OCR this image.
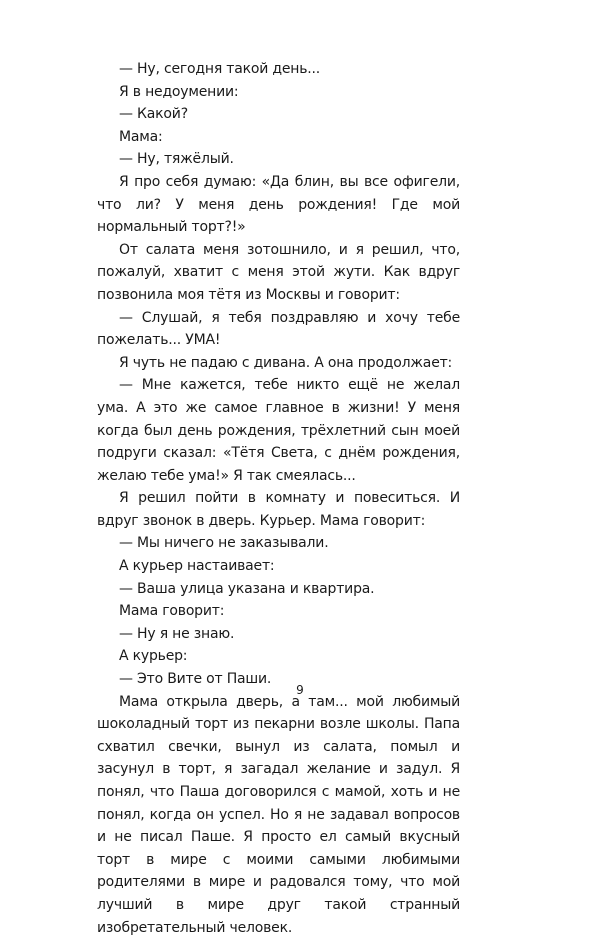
— Ну, сегодня такой день...

Я в недоумении:

— Какой?

Мама:

— Ну, тяжёлый.

Я про себя думаю: «Да блин, вы все офигели, что ли? У меня день рождения! Где мой нормальный торт?!»

От салата меня зотошнило, и я решил, что, пожалуй, хватит с меня этой жути. Как вдруг позвонила моя тётя из Москвы и говорит:

— Слушай, я тебя поздравляю и хочу тебе пожелать... УМА!

Я чуть не падаю с дивана. А она продолжает:

— Мне кажется, тебе никто ещё не желал ума. А это же самое главное в жизни! У меня когда был день рождения, трёхлетний сын моей подруги сказал: «Тётя Света, с днём рождения, желаю тебе ума!» Я так смеялась...

Я решил пойти в комнату и повеситься. И вдруг звонок в дверь. Курьер. Мама говорит:

— Мы ничего не заказывали.

А курьер настаивает:

— Ваша улица указана и квартира.

Мама говорит:

— Ну я не знаю.

А курьер:

— Это Вите от Паши.

Мама открыла дверь, а там... мой любимый шоколадный торт из пекарни возле школы. Папа схватил свечки, вынул из салата, помыл и засунул в торт, я загадал желание и задул. Я понял, что Паша договорился с мамой, хоть и не понял, когда он успел. Но я не задавал вопросов и не писал Паше. Я просто ел самый вкусный торт в мире с моими самыми любимыми родителями в мире и радовался тому, что мой лучший в мире друг такой странный изобретательный человек.

9
